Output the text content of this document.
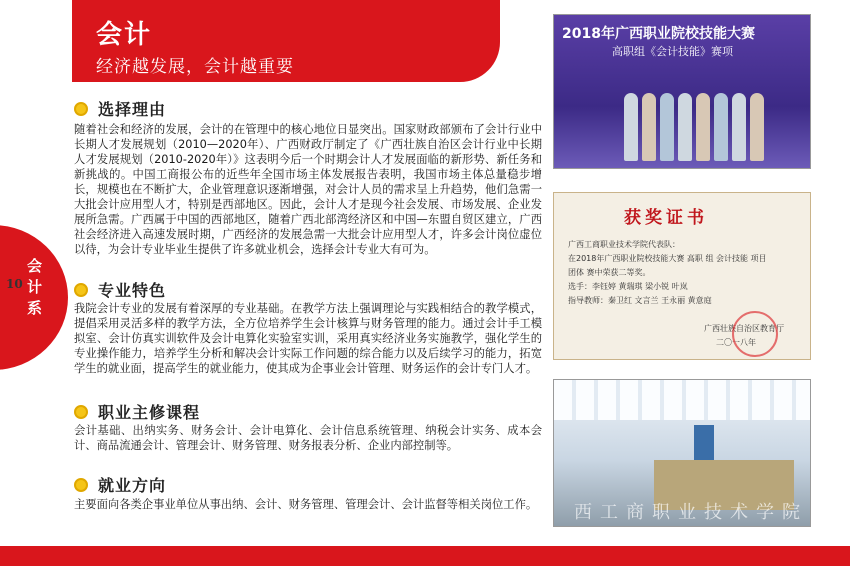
会计
经济越发展，会计越重要
会计系
10
选择理由
随着社会和经济的发展，会计的在管理中的核心地位日显突出。国家财政部颁布了会计行业中长期人才发展规划（2010—2020年）、广西财政厅制定了《广西壮族自治区会计行业中长期人才发展规划（2010-2020年）》这表明今后一个时期会计人才发展面临的新形势、新任务和新挑战的。中国工商报公布的近些年全国市场主体发展报告表明，我国市场主体总量稳步增长，规模也在不断扩大，企业管理意识逐渐增强，对会计人员的需求呈上升趋势，他们急需一大批会计应用型人才，特别是西部地区。因此，会计人才是现今社会发展、市场发展、企业发展所急需。广西属于中国的西部地区，随着广西北部湾经济区和中国—东盟自贸区建立，广西社会经济进入高速发展时期，广西经济的发展急需一大批会计应用型人才，许多会计岗位虚位以待，为会计专业毕业生提供了许多就业机会，选择会计专业大有可为。
专业特色
我院会计专业的发展有着深厚的专业基础。在教学方法上强调理论与实践相结合的教学模式，提倡采用灵活多样的教学方法，全方位培养学生会计核算与财务管理的能力。通过会计手工模拟室、会计仿真实训软件及会计电算化实验室实训，采用真实经济业务实施教学，强化学生的专业操作能力，培养学生分析和解决会计实际工作问题的综合能力以及后续学习的能力，拓宽学生的就业面，提高学生的就业能力，使其成为企事业会计管理、财务运作的会计专门人才。
职业主修课程
会计基础、出纳实务、财务会计、会计电算化、会计信息系统管理、纳税会计实务、成本会计、商品流通会计、管理会计、财务管理、财务报表分析、企业内部控制等。
就业方向
主要面向各类企事业单位从事出纳、会计、财务管理、管理会计、会计监督等相关岗位工作。
2018年广西职业院校技能大赛
高职组《会计技能》赛项
获奖证书
广西工商职业技术学院代表队：
在2018年广西职业院校技能大赛 高职 组 会计技能 项目
团体 赛中荣获二等奖。
选手：李钰婷 黄瑞琪 梁小锐 叶岚
指导教师：秦卫红 文言兰 王永丽 黄意庭
广西壮族自治区教育厅
二〇一八年
西工商职业技术学院
